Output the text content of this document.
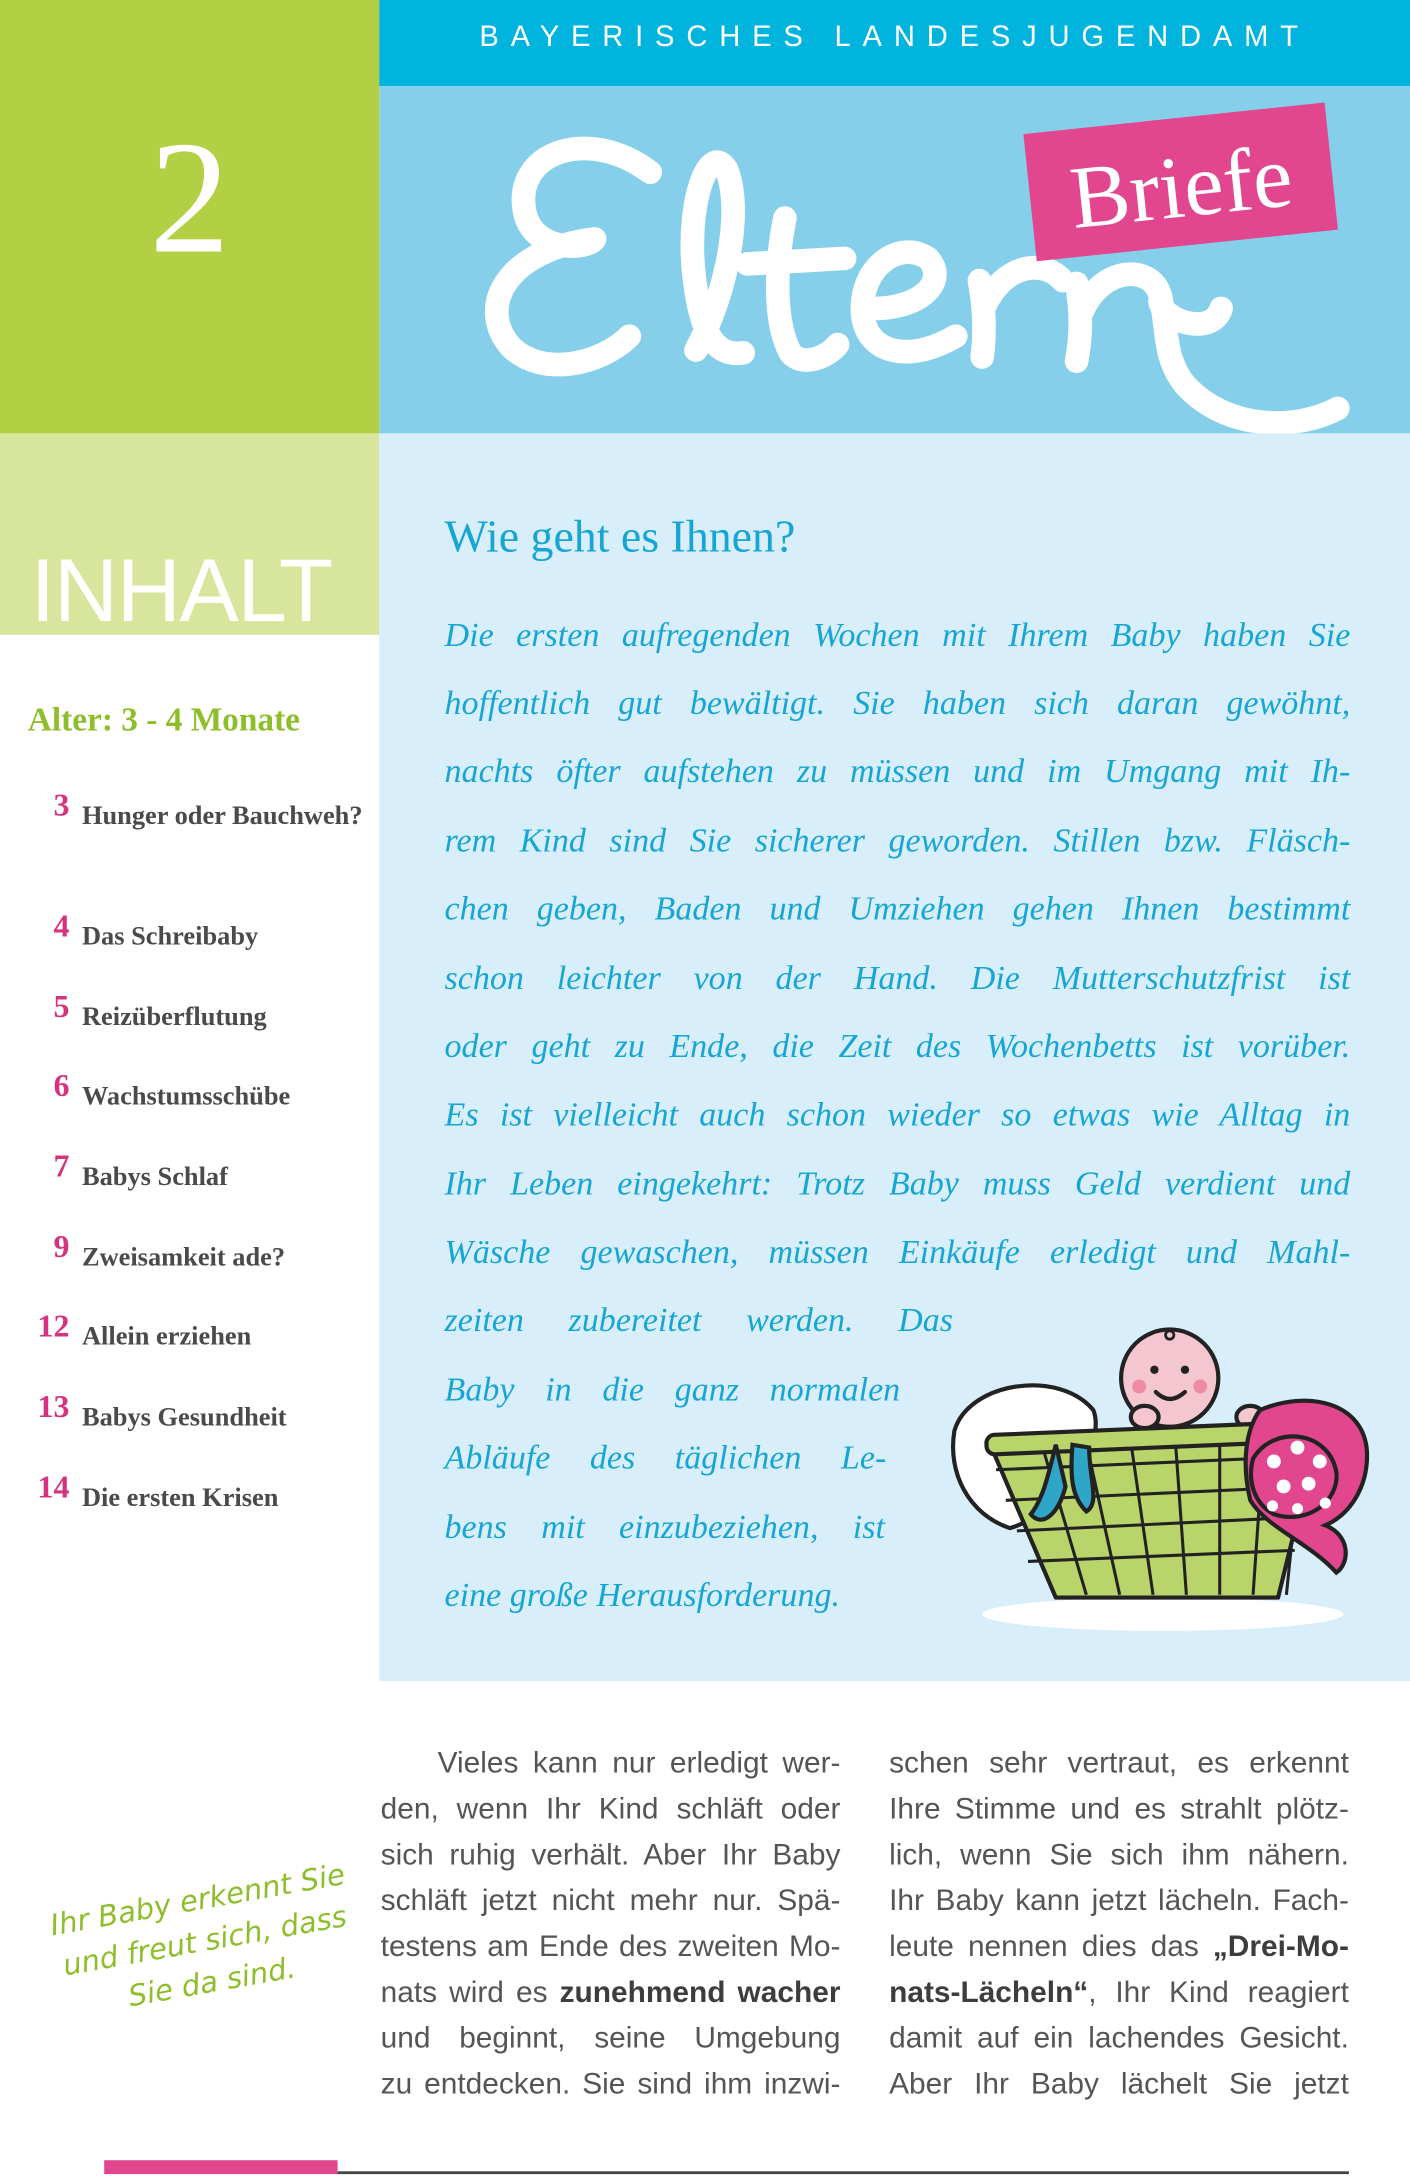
2
BAYERISCHES LANDESJUGENDAMT
Briefe
INHALT
Alter: 3 - 4 Monate
3 Hunger oder Bauchweh?
4 Das Schreibaby
5 Reizüberflutung
6 Wachstumsschübe
7 Babys Schlaf
9 Zweisamkeit ade?
12 Allein erziehen
13 Babys Gesundheit
14 Die ersten Krisen
Wie geht es Ihnen?
Die ersten aufregenden Wochen mit Ihrem Baby haben Sie
hoffentlich gut bewältigt. Sie haben sich daran gewöhnt,
nachts öfter aufstehen zu müssen und im Umgang mit Ih-
rem Kind sind Sie sicherer geworden. Stillen bzw. Fläsch-
chen geben, Baden und Umziehen gehen Ihnen bestimmt
schon leichter von der Hand. Die Mutterschutzfrist ist
oder geht zu Ende, die Zeit des Wochenbetts ist vorüber.
Es ist vielleicht auch schon wieder so etwas wie Alltag in
Ihr Leben eingekehrt: Trotz Baby muss Geld verdient und
Wäsche gewaschen, müssen Einkäufe erledigt und Mahl-
zeiten zubereitet werden. Das
Baby in die ganz normalen
Abläufe des täglichen Le-
bens mit einzubeziehen, ist
eine große Herausforderung.
Ihr Baby erkennt Sie und freut sich, dass Sie da sind.
Vieles kann nur erledigt wer-
den, wenn Ihr Kind schläft oder
sich ruhig verhält. Aber Ihr Baby
schläft jetzt nicht mehr nur. Spä-
testens am Ende des zweiten Mo-
nats wird es zunehmend wacher
und beginnt, seine Umgebung
zu entdecken. Sie sind ihm inzwi-
schen sehr vertraut, es erkennt
Ihre Stimme und es strahlt plötz-
lich, wenn Sie sich ihm nähern.
Ihr Baby kann jetzt lächeln. Fach-
leute nennen dies das „Drei-Mo-
nats-Lächeln“, Ihr Kind reagiert
damit auf ein lachendes Gesicht.
Aber Ihr Baby lächelt Sie jetzt
